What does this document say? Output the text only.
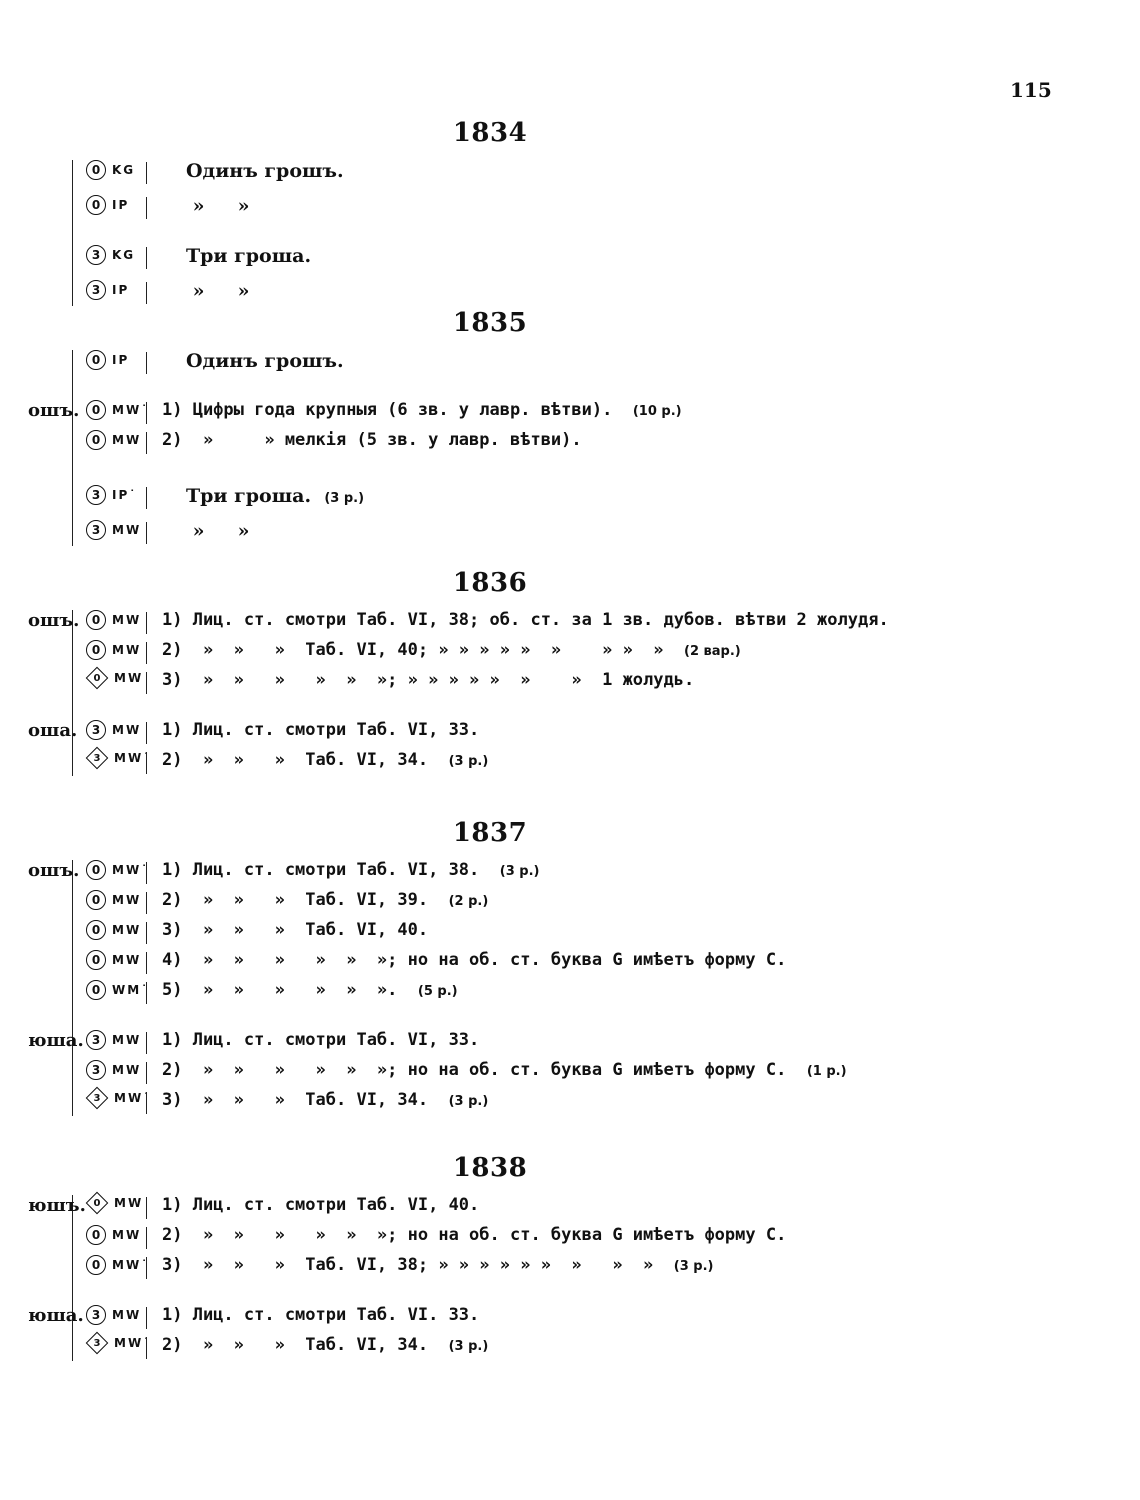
115
1834
0 KG	Одинъ грошъ.
0 IP	»     »
3 KG	Три гроша.
3 IP	»     »
1835
0 IP	Одинъ грошъ.
ошъ.	0 MW˙ 1) Цифры года крупныя (6 зв. у лавр. вѣтви). (10 р.)
0 MW 2)  »     » мелкія (5 зв. у лавр. вѣтви).
3 IP˙	Три гроша. (3 р.)
3 MW »     »
1836
ошъ.	0 MW 1) Лиц. ст. смотри Таб. VI, 38; об. ст. за 1 зв. дубов. вѣтви 2 жолудя.
0 MW 2)  »  »   »  Таб. VI, 40; » » » » »  »    » »  » (2 вар.)
0 MW 3)  »  »   »   »  »  »; » » » » »  »    »  1 жолудь.
оша.	3 MW 1) Лиц. ст. смотри Таб. VI, 33.
3 MW˙ 2)  »  »   »  Таб. VI, 34. (3 р.)
1837
ошъ.	0 MW˙ 1) Лиц. ст. смотри Таб. VI, 38. (3 р.)
0 MW 2)  »  »   »  Таб. VI, 39. (2 р.)
0 MW 3)  »  »   »  Таб. VI, 40.
0 MW 4)  »  »   »   »  »  »; но на об. ст. буква G имѣетъ форму C.
0 WM˙ 5)  »  »   »   »  »  ». (5 р.)
юша. 3 MW 1) Лиц. ст. смотри Таб. VI, 33.
3 MW 2)  »  »   »   »  »  »; но на об. ст. буква G имѣетъ форму C. (1 р.)
3 MW˙ 3)  »  »   »  Таб. VI, 34. (3 р.)
1838
юшъ. 0 MW 1) Лиц. ст. смотри Таб. VI, 40.
0 MW 2)  »  »   »   »  »  »; но на об. ст. буква G имѣетъ форму C.
0 MW˙ 3)  »  »   »  Таб. VI, 38; » » » » » »  »   »  » (3 р.)
юша. 3 MW 1) Лиц. ст. смотри Таб. VI. 33.
3 MW˙ 2)  »  »   »  Таб. VI, 34. (3 р.)
